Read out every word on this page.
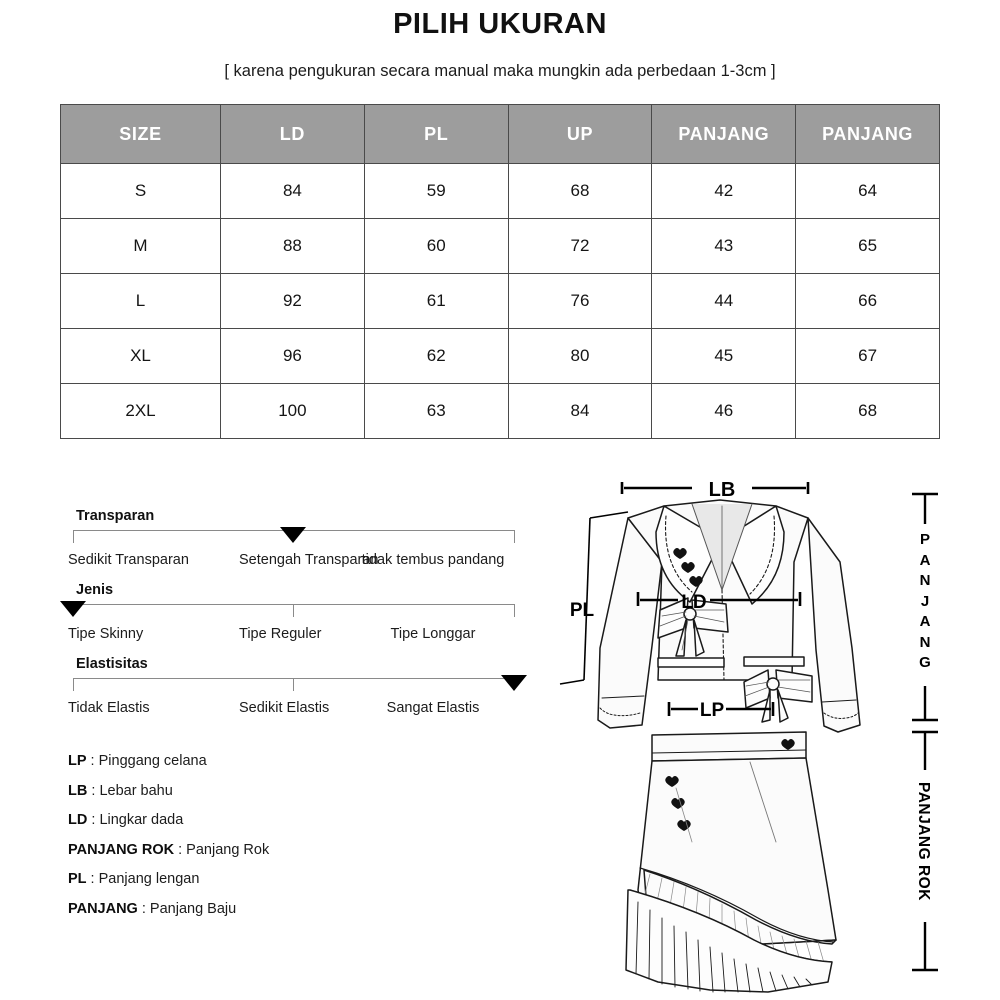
PILIH UKURAN
[ karena pengukuran secara manual maka mungkin ada perbedaan 1-3cm ]
SIZE	LD	PL	UP	PANJANG	PANJANG
S	84	59	68	42	64
M	88	60	72	43	65
L	92	61	76	44	66
XL	96	62	80	45	67
2XL	100	63	84	46	68
Transparan
Sedikit Transparan	Setengah Transparan
tidak tembus pandang
Jenis
Tipe Skinny	Tipe Reguler	Tipe Longgar
Elastisitas
Tidak Elastis	Sedikit Elastis	Sangat Elastis
LP : Pinggang celana
LB : Lebar bahu
LD : Lingkar dada
PANJANG ROK : Panjang Rok
PL : Panjang lengan
PANJANG : Panjang Baju
LB
LD
PL
LP
P
A
N
J
A
N
G

PANJANG ROK
